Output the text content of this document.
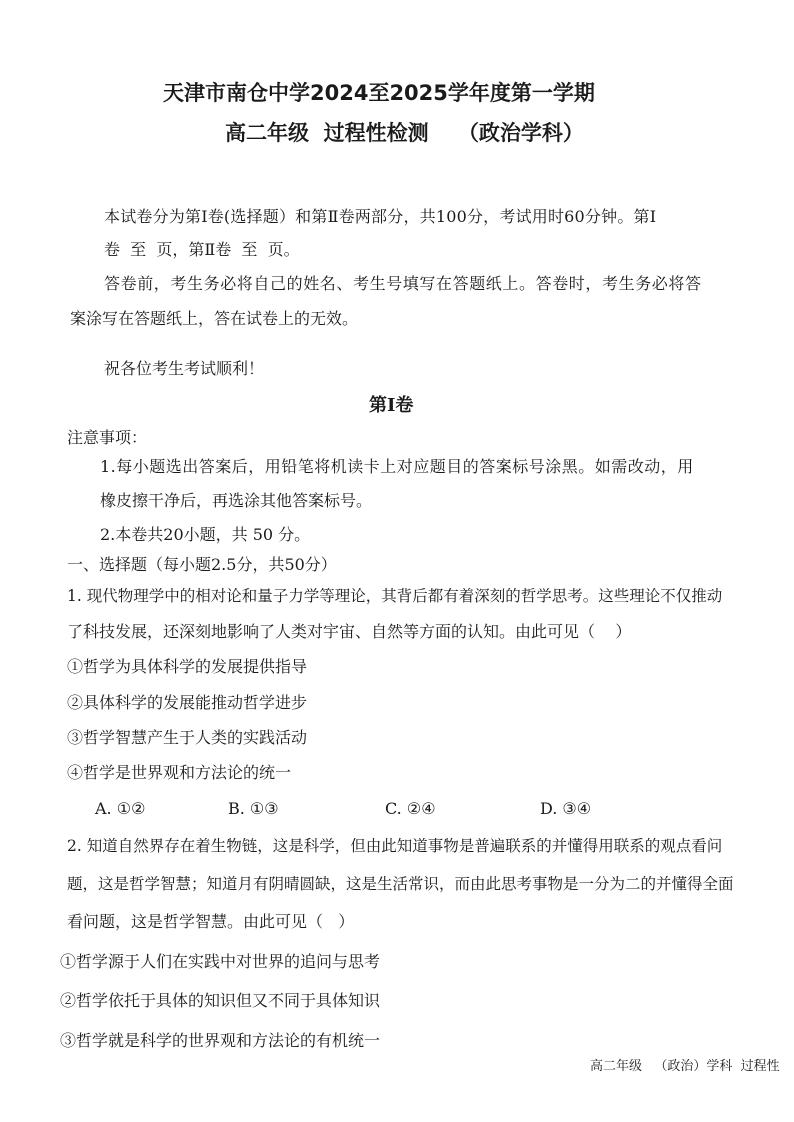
天津市南仓中学2024至2025学年度第一学期
高二年级  过程性检测    （政治学科）
本试卷分为第Ⅰ卷(选择题）和第Ⅱ卷两部分，共100分，考试用时60分钟。第Ⅰ
卷  至  页，第Ⅱ卷  至  页。
答卷前，考生务必将自己的姓名、考生号填写在答题纸上。答卷时，考生务必将答
案涂写在答题纸上，答在试卷上的无效。
祝各位考生考试顺利！
第Ⅰ卷
注意事项：
1.每小题选出答案后，用铅笔将机读卡上对应题目的答案标号涂黑。如需改动，用
橡皮擦干净后，再选涂其他答案标号。
2.本卷共20小题，共 50 分。
一、选择题（每小题2.5分，共50分）
1. 现代物理学中的相对论和量子力学等理论，其背后都有着深刻的哲学思考。这些理论不仅推动
了科技发展，还深刻地影响了人类对宇宙、自然等方面的认知。由此可见（    ）
①哲学为具体科学的发展提供指导
②具体科学的发展能推动哲学进步
③哲学智慧产生于人类的实践活动
④哲学是世界观和方法论的统一
A. ①②	B. ①③	C. ②④	D. ③④
2. 知道自然界存在着生物链，这是科学，但由此知道事物是普遍联系的并懂得用联系的观点看问
题，这是哲学智慧；知道月有阴晴圆缺，这是生活常识，而由此思考事物是一分为二的并懂得全面
看问题，这是哲学智慧。由此可见（   ）
①哲学源于人们在实践中对世界的追问与思考
②哲学依托于具体的知识但又不同于具体知识
③哲学就是科学的世界观和方法论的有机统一
高二年级   （政治）学科  过程性
